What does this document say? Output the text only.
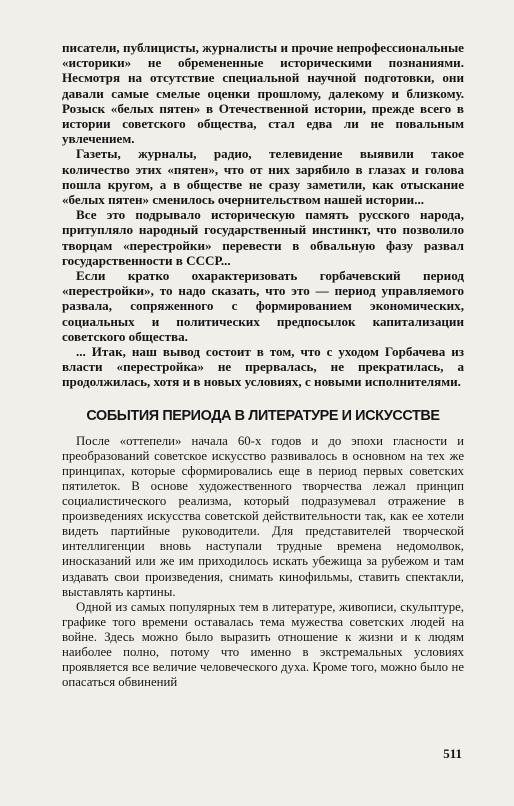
писатели, публицисты, журналисты и прочие непрофессиональные «историки» не обремененные историческими познаниями. Несмотря на отсутствие специальной научной подготовки, они давали самые смелые оценки прошлому, далекому и близкому. Розыск «белых пятен» в Отечественной истории, прежде всего в истории советского общества, стал едва ли не повальным увлечением.

Газеты, журналы, радио, телевидение выявили такое количество этих «пятен», что от них зарябило в глазах и голова пошла кругом, а в обществе не сразу заметили, как отыскание «белых пятен» сменилось очернительством нашей истории...

Все это подрывало историческую память русского народа, притупляло народный государственный инстинкт, что позволило творцам «перестройки» перевести в обвальную фазу развал государственности в СССР...

Если кратко охарактеризовать горбачевский период «перестройки», то надо сказать, что это — период управляемого развала, сопряженного с формированием экономических, социальных и политических предпосылок капитализации советского общества.

... Итак, наш вывод состоит в том, что с уходом Горбачева из власти «перестройка» не прервалась, не прекратилась, а продолжилась, хотя и в новых условиях, с новыми исполнителями.

СОБЫТИЯ ПЕРИОДА В ЛИТЕРАТУРЕ И ИСКУССТВЕ

После «оттепели» начала 60-х годов и до эпохи гласности и преобразований советское искусство развивалось в основном на тех же принципах, которые сформировались еще в период первых советских пятилеток. В основе художественного творчества лежал принцип социалистического реализма, который подразумевал отражение в произведениях искусства советской действительности так, как ее хотели видеть партийные руководители. Для представителей творческой интеллигенции вновь наступали трудные времена недомолвок, иносказаний или же им приходилось искать убежища за рубежом и там издавать свои произведения, снимать кинофильмы, ставить спектакли, выставлять картины.

Одной из самых популярных тем в литературе, живописи, скульптуре, графике того времени оставалась тема мужества советских людей на войне. Здесь можно было выразить отношение к жизни и к людям наиболее полно, потому что именно в экстремальных условиях проявляется все величие человеческого духа. Кроме того, можно было не опасаться обвинений

511
